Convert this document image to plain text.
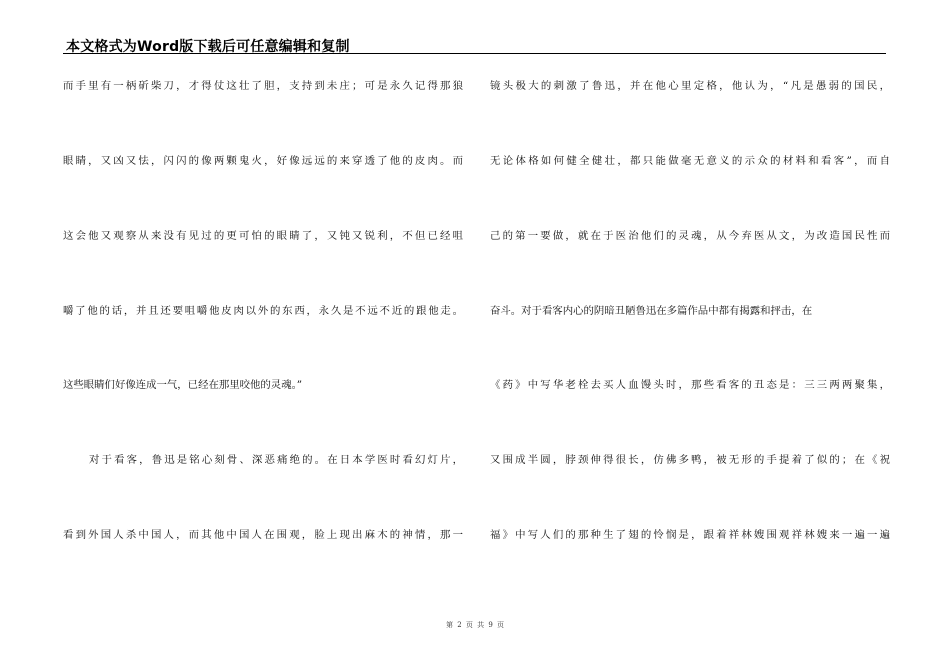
本文格式为Word版下载后可任意编辑和复制
而手里有一柄斫柴刀，才得仗这壮了胆，支持到未庄；可是永久记得那狼
眼睛，又凶又怯，闪闪的像两颗鬼火，好像远远的来穿透了他的皮肉。而
这会他又观察从来没有见过的更可怕的眼睛了，又钝又锐利，不但已经咀
嚼了他的话，并且还要咀嚼他皮肉以外的东西，永久是不远不近的跟他走。
这些眼睛们好像连成一气，已经在那里咬他的灵魂。”
对于看客，鲁迅是铭心刻骨、深恶痛绝的。在日本学医时看幻灯片，
看到外国人杀中国人，而其他中国人在围观，脸上现出麻木的神情，那一
镜头极大的刺激了鲁迅，并在他心里定格，他认为，“凡是愚弱的国民，
无论体格如何健全健壮，都只能做毫无意义的示众的材料和看客”，而自
己的第一要做，就在于医治他们的灵魂，从今弃医从文，为改造国民性而
奋斗。对于看客内心的阴暗丑陋鲁迅在多篇作品中都有揭露和抨击，在
《药》中写华老栓去买人血馒头时，那些看客的丑态是：三三两两聚集，
又围成半圆，脖颈伸得很长，仿佛多鸭，被无形的手提着了似的；在《祝
福》中写人们的那种生了翅的怜悯是，跟着祥林嫂围观祥林嫂来一遍一遍
第 2 页 共 9 页
